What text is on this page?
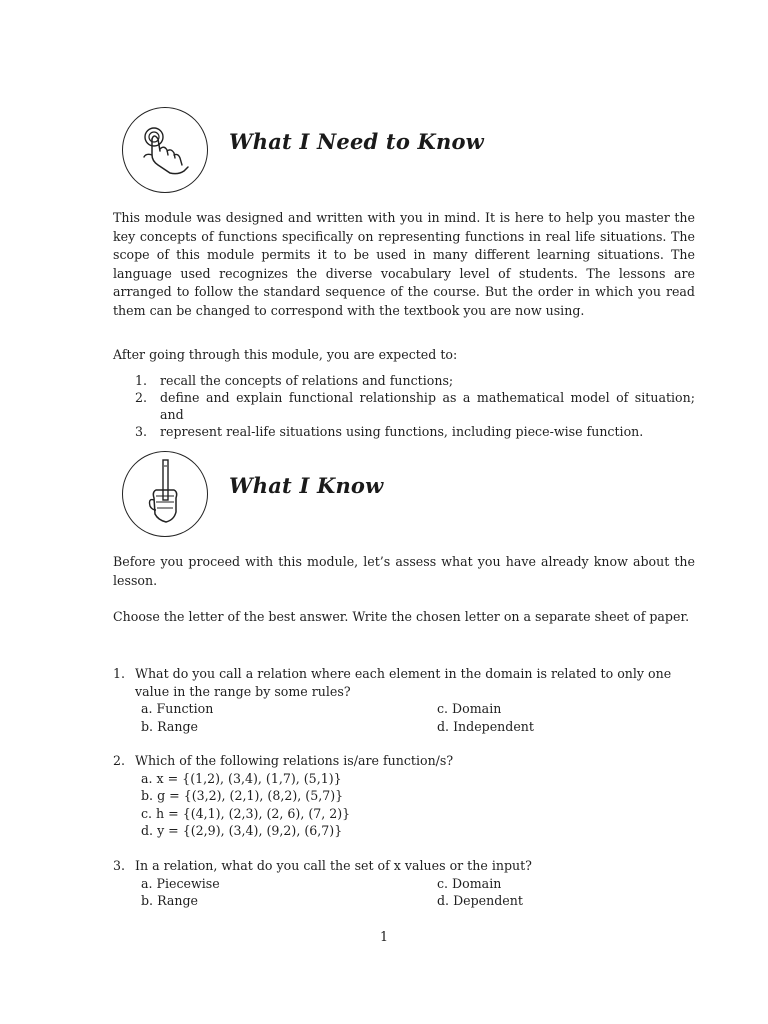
What I Need to Know

This module was designed and written with you in mind. It is here to help you master the key concepts of functions specifically on representing functions in real life situations. The scope of this module permits it to be used in many different learning situations. The language used recognizes the diverse vocabulary level of students. The lessons are arranged to follow the standard sequence of the course. But the order in which you read them can be changed to correspond with the textbook you are now using.

After going through this module, you are expected to:

1. recall the concepts of relations and functions;
2. define and explain functional relationship as a mathematical model of situation; and
3. represent real-life situations using functions, including piece-wise function.
What I Know

Before you proceed with this module, let’s assess what you have already know about the lesson.

Choose the letter of the best answer. Write the chosen letter on a separate sheet of paper.

1. What do you call a relation where each element in the domain is related to only one value in the range by some rules?

a. Function	c. Domain
b. Range	d. Independent

2. Which of the following relations is/are function/s?

a. x = {(1,2), (3,4), (1,7), (5,1)}
b. g = {(3,2), (2,1), (8,2), (5,7)}
c. h = {(4,1), (2,3), (2, 6), (7, 2)}
d. y = {(2,9), (3,4), (9,2), (6,7)}

3. In a relation, what do you call the set of x values or the input?

a. Piecewise	c. Domain
b. Range	d. Dependent
1
